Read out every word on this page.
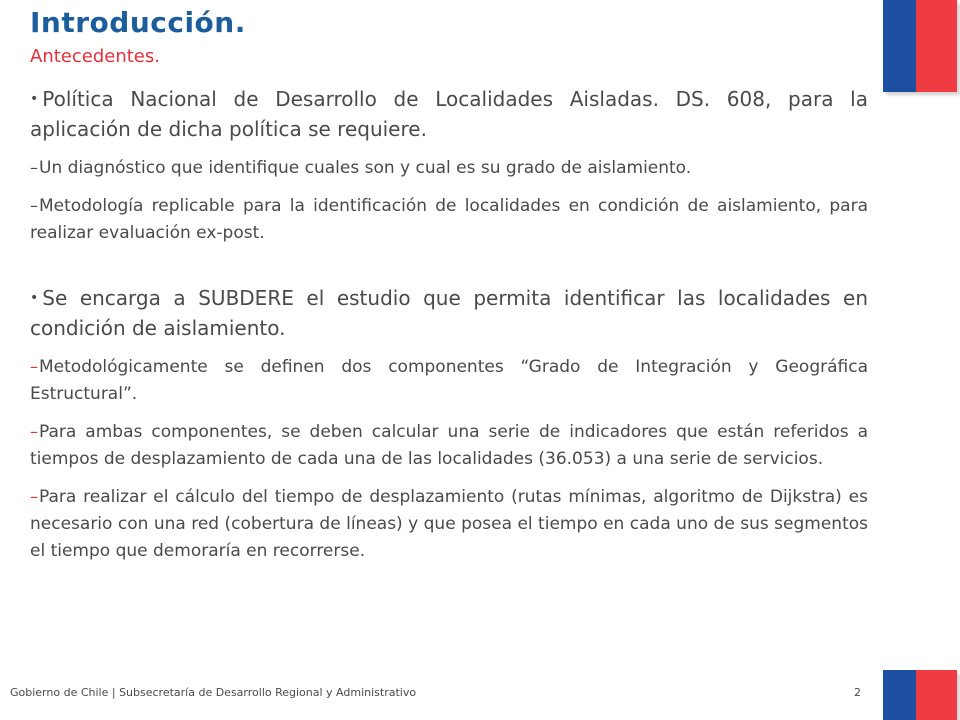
Introducción.
Antecedentes.

• Política Nacional de Desarrollo de Localidades Aisladas. DS. 608, para la aplicación de dicha política se requiere.

–Un diagnóstico que identifique cuales son y cual es su grado de aislamiento.

–Metodología replicable para la identificación de localidades en condición de aislamiento, para realizar evaluación ex-post.

• Se encarga a SUBDERE el estudio que permita identificar las localidades en condición de aislamiento.

–Metodológicamente se definen dos componentes “Grado de Integración y Geográfica Estructural”.

–Para ambas componentes, se deben calcular una serie de indicadores que están referidos a tiempos de desplazamiento de cada una de las localidades (36.053) a una serie de servicios.

–Para realizar el cálculo del tiempo de desplazamiento (rutas mínimas, algoritmo de Dijkstra) es necesario con una red (cobertura de líneas) y que posea el tiempo en cada uno de sus segmentos el tiempo que demoraría en recorrerse.

Gobierno de Chile | Subsecretaría de Desarrollo Regional y Administrativo	2
